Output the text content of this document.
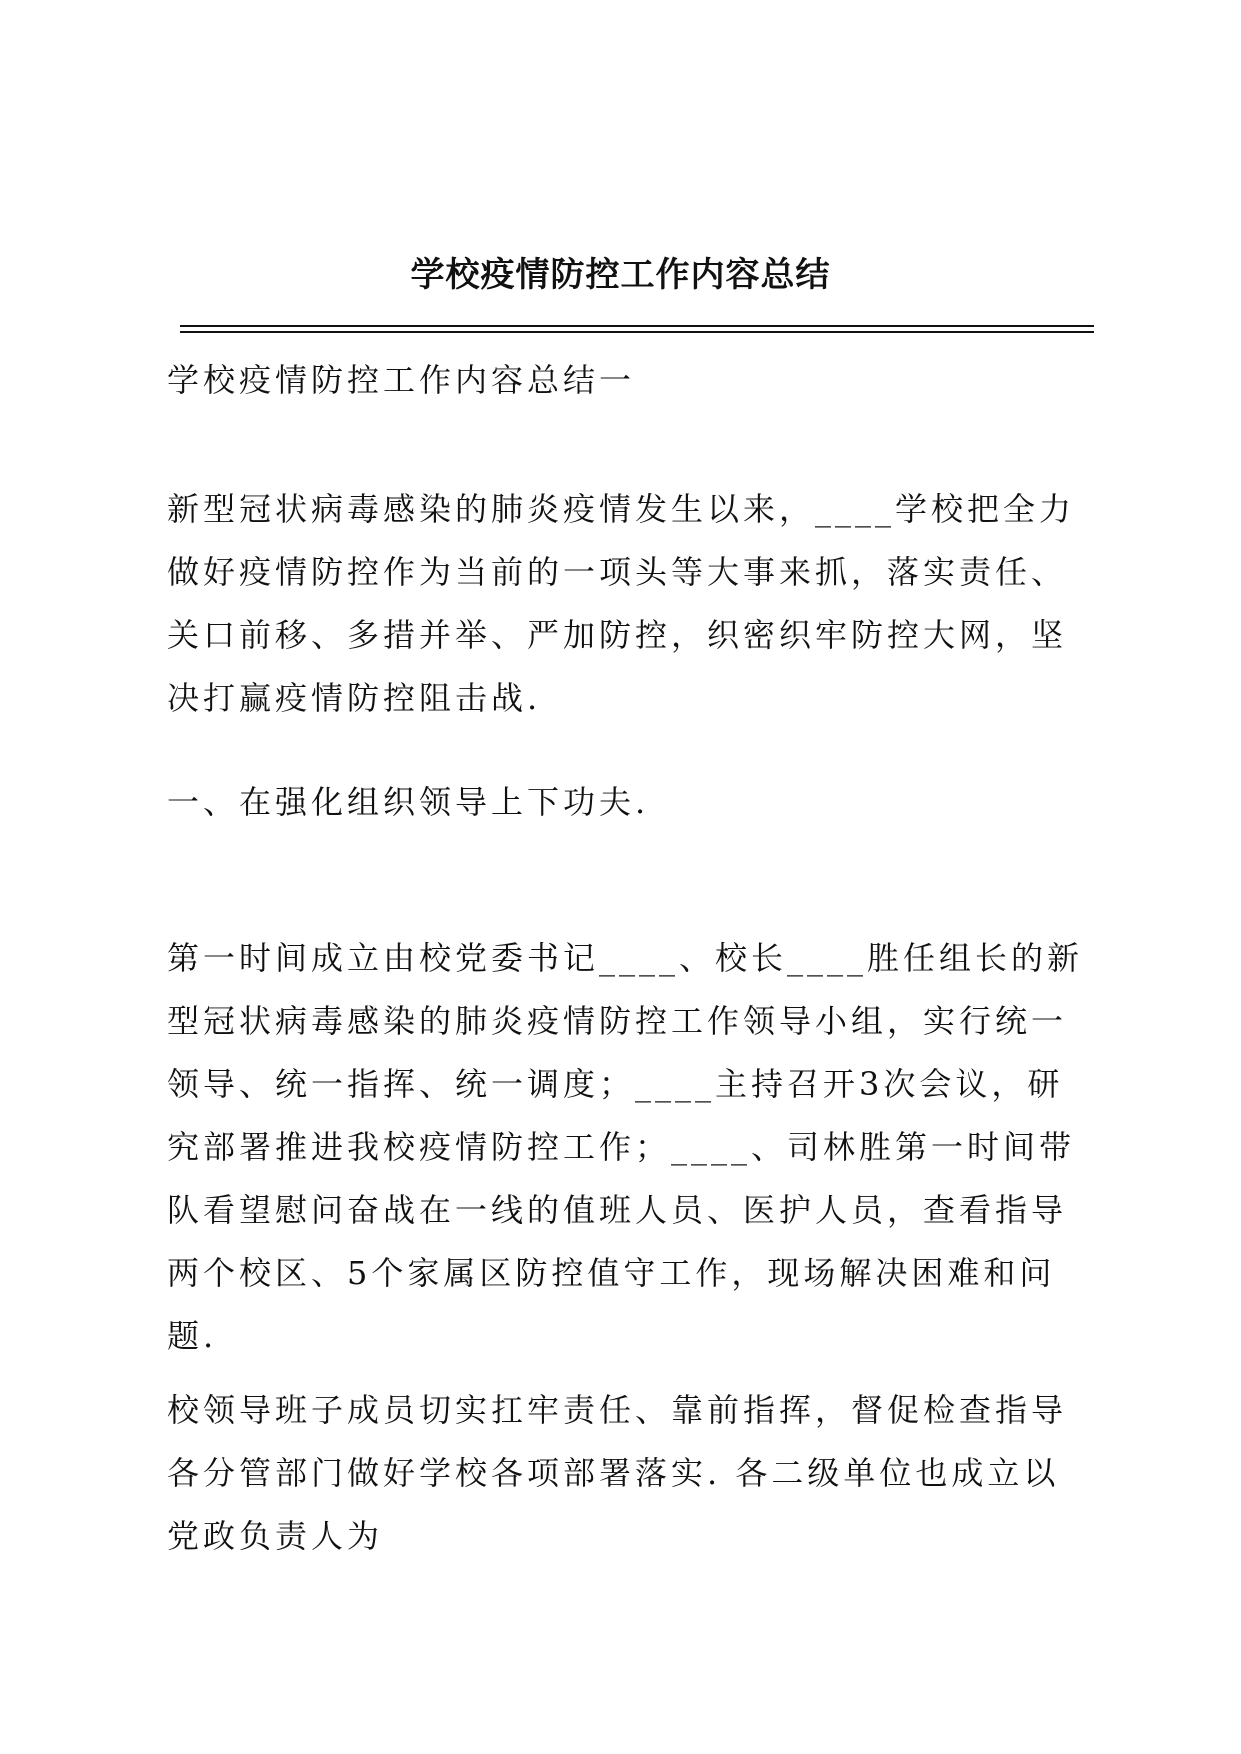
学校疫情防控工作内容总结

学校疫情防控工作内容总结一

新型冠状病毒感染的肺炎疫情发生以来，____学校把全力做好疫情防控作为当前的一项头等大事来抓，落实责任、关口前移、多措并举、严加防控，织密织牢防控大网，坚决打赢疫情防控阻击战.

一、在强化组织领导上下功夫.

第一时间成立由校党委书记____、校长____胜任组长的新型冠状病毒感染的肺炎疫情防控工作领导小组，实行统一领导、统一指挥、统一调度；____主持召开3次会议，研究部署推进我校疫情防控工作；____、司林胜第一时间带队看望慰问奋战在一线的值班人员、医护人员，查看指导两个校区、5个家属区防控值守工作，现场解决困难和问题.

校领导班子成员切实扛牢责任、靠前指挥，督促检查指导各分管部门做好学校各项部署落实. 各二级单位也成立以党政负责人为
